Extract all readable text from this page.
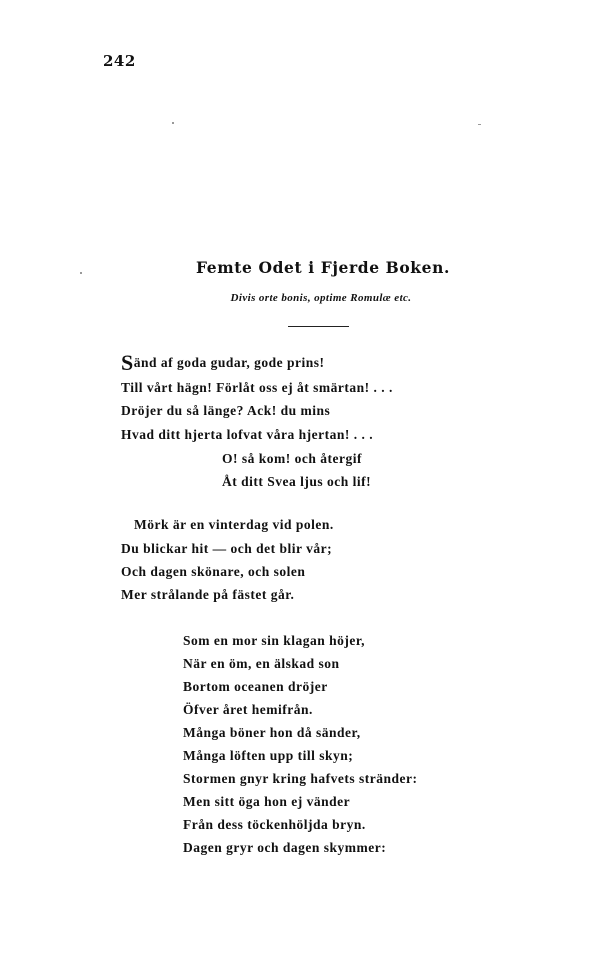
242
Femte Odet i Fjerde Boken.
Divis orte bonis, optime Romulæ etc.
Sänd af goda gudar, gode prins!
Till vårt hägn! Förlåt oss ej åt smärtan! . . .
Dröjer du så länge? Ack! du mins
Hvad ditt hjerta lofvat våra hjertan! . . .
O! så kom! och återgif
Åt ditt Svea ljus och lif!
Mörk är en vinterdag vid polen.
Du blickar hit — och det blir vår;
Och dagen skönare, och solen
Mer strålande på fästet går.
Som en mor sin klagan höjer,
När en öm, en älskad son
Bortom oceanen dröjer
Öfver året hemifrån.
Många böner hon då sänder,
Många löften upp till skyn;
Stormen gnyr kring hafvets stränder:
Men sitt öga hon ej vänder
Från dess töckenhöljda bryn.
Dagen gryr och dagen skymmer:
